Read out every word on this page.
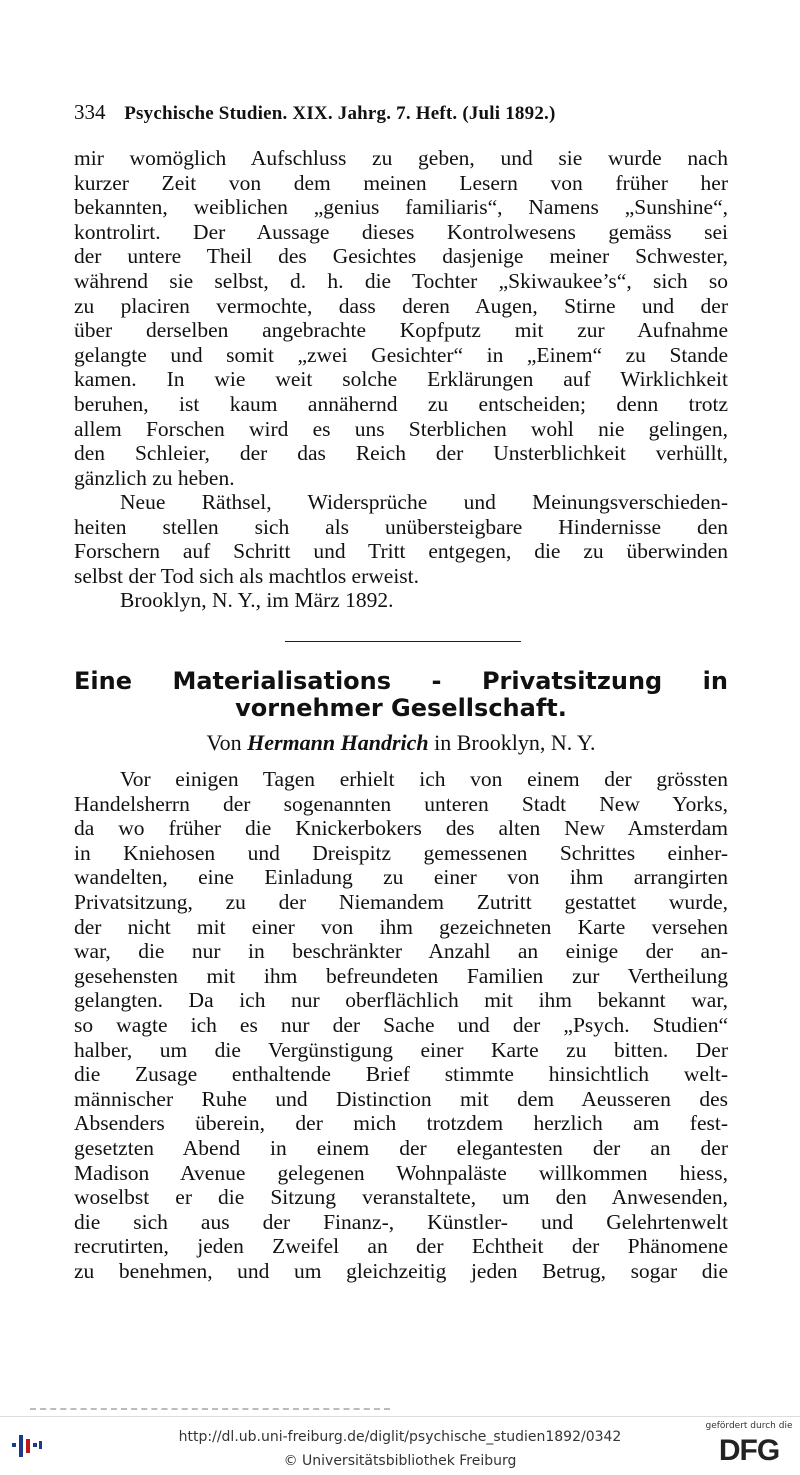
334 Psychische Studien. XIX. Jahrg. 7. Heft. (Juli 1892.)
mir womöglich Aufschluss zu geben, und sie wurde nach
kurzer Zeit von dem meinen Lesern von früher her
bekannten, weiblichen „genius familiaris“, Namens „Sunshine“,
kontrolirt. Der Aussage dieses Kontrolwesens gemäss sei
der untere Theil des Gesichtes dasjenige meiner Schwester,
während sie selbst, d. h. die Tochter „Skiwaukee’s“, sich so
zu placiren vermochte, dass deren Augen, Stirne und der
über derselben angebrachte Kopfputz mit zur Aufnahme
gelangte und somit „zwei Gesichter“ in „Einem“ zu Stande
kamen. In wie weit solche Erklärungen auf Wirklichkeit
beruhen, ist kaum annähernd zu entscheiden; denn trotz
allem Forschen wird es uns Sterblichen wohl nie gelingen,
den Schleier, der das Reich der Unsterblichkeit verhüllt,
gänzlich zu heben.
Neue Räthsel, Widersprüche und Meinungsverschieden-
heiten stellen sich als unübersteigbare Hindernisse den
Forschern auf Schritt und Tritt entgegen, die zu überwinden
selbst der Tod sich als machtlos erweist.
Brooklyn, N. Y., im März 1892.
Eine Materialisations - Privatsitzung in
vornehmer Gesellschaft.
Von Hermann Handrich in Brooklyn, N. Y.
Vor einigen Tagen erhielt ich von einem der grössten
Handelsherrn der sogenannten unteren Stadt New Yorks,
da wo früher die Knickerbokers des alten New Amsterdam
in Kniehosen und Dreispitz gemessenen Schrittes einher-
wandelten, eine Einladung zu einer von ihm arrangirten
Privatsitzung, zu der Niemandem Zutritt gestattet wurde,
der nicht mit einer von ihm gezeichneten Karte versehen
war, die nur in beschränkter Anzahl an einige der an-
gesehensten mit ihm befreundeten Familien zur Vertheilung
gelangten. Da ich nur oberflächlich mit ihm bekannt war,
so wagte ich es nur der Sache und der „Psych. Studien“
halber, um die Vergünstigung einer Karte zu bitten. Der
die Zusage enthaltende Brief stimmte hinsichtlich welt-
männischer Ruhe und Distinction mit dem Aeusseren des
Absenders überein, der mich trotzdem herzlich am fest-
gesetzten Abend in einem der elegantesten der an der
Madison Avenue gelegenen Wohnpaläste willkommen hiess,
woselbst er die Sitzung veranstaltete, um den Anwesenden,
die sich aus der Finanz-, Künstler- und Gelehrtenwelt
recrutirten, jeden Zweifel an der Echtheit der Phänomene
zu benehmen, und um gleichzeitig jeden Betrug, sogar die
http://dl.ub.uni-freiburg.de/diglit/psychische_studien1892/0342
© Universitätsbibliothek Freiburg
gefördert durch die
DFG
